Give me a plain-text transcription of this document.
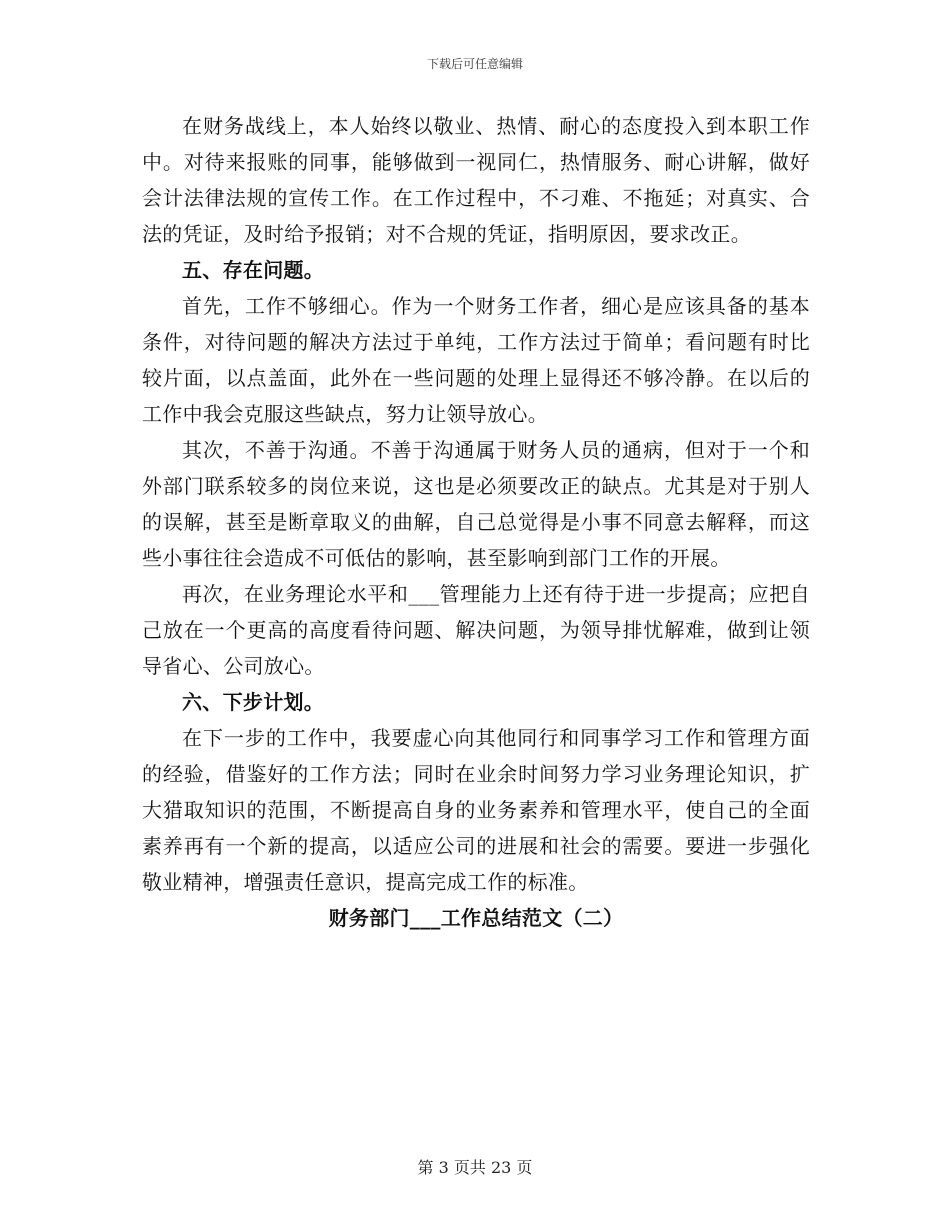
下载后可任意编辑

在财务战线上，本人始终以敬业、热情、耐心的态度投入到本职工作中。对待来报账的同事，能够做到一视同仁，热情服务、耐心讲解，做好会计法律法规的宣传工作。在工作过程中，不刁难、不拖延；对真实、合法的凭证，及时给予报销；对不合规的凭证，指明原因，要求改正。

五、存在问题。

首先，工作不够细心。作为一个财务工作者，细心是应该具备的基本条件，对待问题的解决方法过于单纯，工作方法过于简单；看问题有时比较片面，以点盖面，此外在一些问题的处理上显得还不够冷静。在以后的工作中我会克服这些缺点，努力让领导放心。

其次，不善于沟通。不善于沟通属于财务人员的通病，但对于一个和外部门联系较多的岗位来说，这也是必须要改正的缺点。尤其是对于别人的误解，甚至是断章取义的曲解，自己总觉得是小事不同意去解释，而这些小事往往会造成不可低估的影响，甚至影响到部门工作的开展。

再次，在业务理论水平和___管理能力上还有待于进一步提高；应把自己放在一个更高的高度看待问题、解决问题，为领导排忧解难，做到让领导省心、公司放心。

六、下步计划。

在下一步的工作中，我要虚心向其他同行和同事学习工作和管理方面的经验，借鉴好的工作方法；同时在业余时间努力学习业务理论知识，扩大猎取知识的范围，不断提高自身的业务素养和管理水平，使自己的全面素养再有一个新的提高，以适应公司的进展和社会的需要。要进一步强化敬业精神，增强责任意识，提高完成工作的标准。

财务部门___工作总结范文（二）

第 3 页共 23 页
